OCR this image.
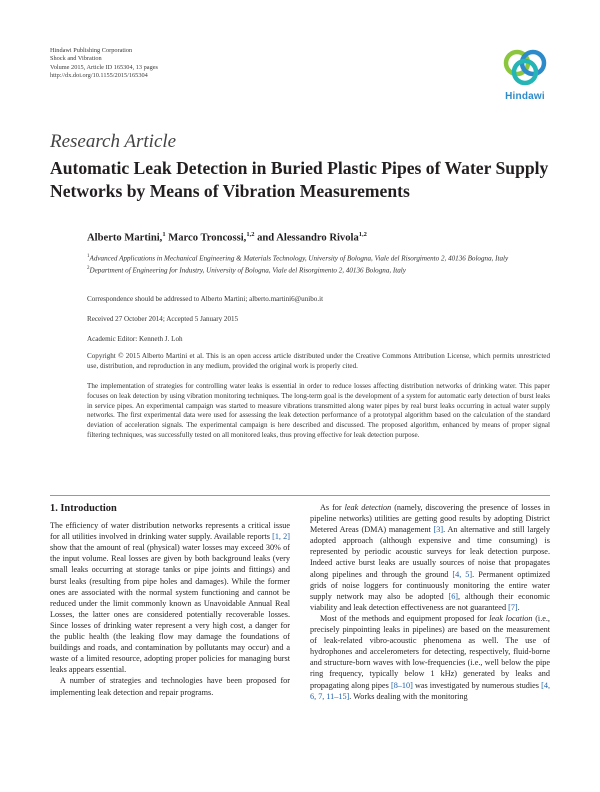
Hindawi Publishing Corporation
Shock and Vibration
Volume 2015, Article ID 165304, 13 pages
http://dx.doi.org/10.1155/2015/165304
Hindawi
Research Article
Automatic Leak Detection in Buried Plastic Pipes of Water Supply Networks by Means of Vibration Measurements
Alberto Martini,$^1$ Marco Troncossi,$^{1,2}$ and Alessandro Rivola$^{1,2}$
$^1$Advanced Applications in Mechanical Engineering & Materials Technology, University of Bologna, Viale del Risorgimento 2, 40136 Bologna, Italy
$^2$Department of Engineering for Industry, University of Bologna, Viale del Risorgimento 2, 40136 Bologna, Italy
Correspondence should be addressed to Alberto Martini; alberto.martini6@unibo.it
Received 27 October 2014; Accepted 5 January 2015
Academic Editor: Kenneth J. Loh
Copyright © 2015 Alberto Martini et al. This is an open access article distributed under the Creative Commons Attribution License, which permits unrestricted use, distribution, and reproduction in any medium, provided the original work is properly cited.
The implementation of strategies for controlling water leaks is essential in order to reduce losses affecting distribution networks of drinking water. This paper focuses on leak detection by using vibration monitoring techniques. The long-term goal is the development of a system for automatic early detection of burst leaks in service pipes. An experimental campaign was started to measure vibrations transmitted along water pipes by real burst leaks occurring in actual water supply networks. The first experimental data were used for assessing the leak detection performance of a prototypal algorithm based on the calculation of the standard deviation of acceleration signals. The experimental campaign is here described and discussed. The proposed algorithm, enhanced by means of proper signal filtering techniques, was successfully tested on all monitored leaks, thus proving effective for leak detection purpose.
1. Introduction

The efficiency of water distribution networks represents a critical issue for all utilities involved in drinking water supply. Available reports [1, 2] show that the amount of real (physical) water losses may exceed 30% of the input volume. Real losses are given by both background leaks (very small leaks occurring at storage tanks or pipe joints and fittings) and burst leaks (resulting from pipe holes and damages). While the former ones are associated with the normal system functioning and cannot be reduced under the limit commonly known as Unavoidable Annual Real Losses, the latter ones are considered potentially recoverable losses. Since losses of drinking water represent a very high cost, a danger for the public health (the leaking flow may damage the foundations of buildings and roads, and contamination by pollutants may occur) and a waste of a limited resource, adopting proper policies for managing burst leaks appears essential.

A number of strategies and technologies have been proposed for implementing leak detection and repair programs.

As for leak detection (namely, discovering the presence of losses in pipeline networks) utilities are getting good results by adopting District Metered Areas (DMA) management [3]. An alternative and still largely adopted approach (although expensive and time consuming) is represented by periodic acoustic surveys for leak detection purpose. Indeed active burst leaks are usually sources of noise that propagates along pipelines and through the ground [4, 5]. Permanent optimized grids of noise loggers for continuously monitoring the entire water supply network may also be adopted [6], although their economic viability and leak detection effectiveness are not guaranteed [7].

Most of the methods and equipment proposed for leak location (i.e., precisely pinpointing leaks in pipelines) are based on the measurement of leak-related vibro-acoustic phenomena as well. The use of hydrophones and accelerometers for detecting, respectively, fluid-borne and structure-born waves with low-frequencies (i.e., well below the pipe ring frequency, typically below 1 kHz) generated by leaks and propagating along pipes [8–10] was investigated by numerous studies [4, 6, 7, 11–15]. Works dealing with the monitoring
